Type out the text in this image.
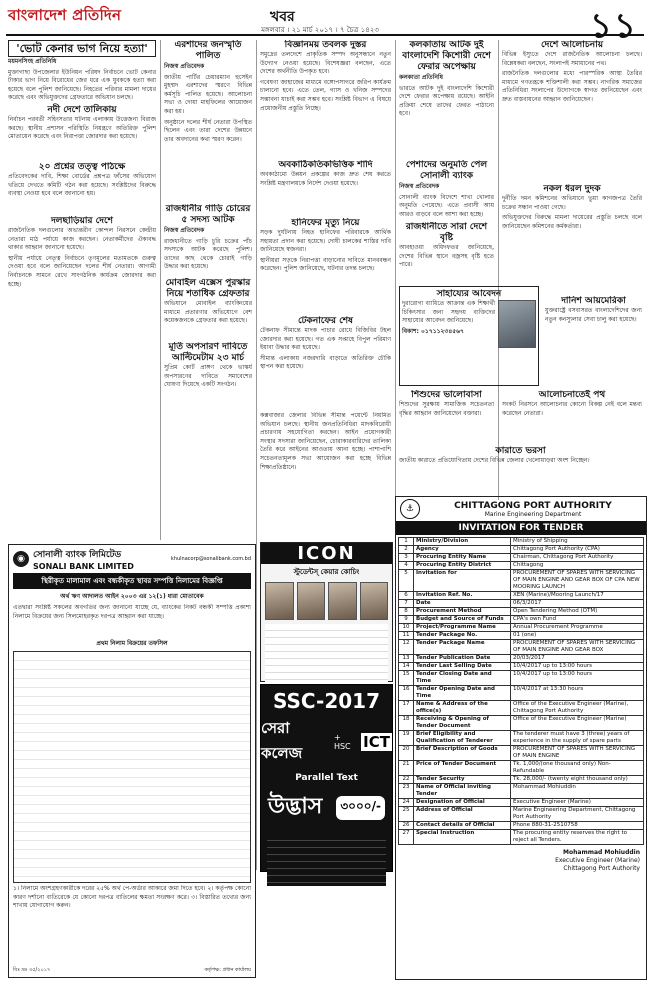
বাংলাদেশ প্রতিদিন	খবর	১১
মঙ্গলবার । ২১ মার্চ ২০১৭ । ৭ চৈত্র ১৪২৩
'ভোট কেনার ভাগ নিয়ে হত্যা'
ময়মনসিংহ প্রতিনিধি

মুক্তাগাছা উপজেলার ইউনিয়ন পরিষদ নির্বাচনে ভোট কেনার টাকার ভাগ নিয়ে বিরোধের জের ধরে এক যুবককে হত্যা করা হয়েছে বলে পুলিশ জানিয়েছে। নিহতের পরিবার মামলা দায়ের করেছে এবং অভিযুক্তদের গ্রেফতারে অভিযান চলছে।

নদী দেশে তালিকায়

নির্বাচন পরবর্তী সহিংসতার ঘটনায় এলাকায় উত্তেজনা বিরাজ করছে। স্থানীয় প্রশাসন পরিস্থিতি নিয়ন্ত্রণে অতিরিক্ত পুলিশ মোতায়েন করেছে এবং নিরাপত্তা জোরদার করা হয়েছে।

২০ প্রশ্নের তত্ত্ব পাঠক্ষে

প্রতিবেদকের দাবি, শিক্ষা বোর্ডের প্রশ্নপত্র ফাঁসের অভিযোগ খতিয়ে দেখতে কমিটি গঠন করা হয়েছে। সংশ্লিষ্টদের বিরুদ্ধে ব্যবস্থা নেওয়া হবে বলে জানানো হয়।

দলছাড়িয়ার দেশে

রাজনৈতিক দলগুলোর অভ্যন্তরীণ কোন্দল নিরসনে কেন্দ্রীয় নেতারা মাঠ পর্যায়ে কাজ করছেন। নেতাকর্মীদের ঐক্যবদ্ধ থাকার আহ্বান জানানো হয়েছে।

স্থানীয় পর্যায়ে নেতৃত্ব নির্বাচনে তৃণমূলের মতামতকে গুরুত্ব দেওয়া হবে বলে জানিয়েছেন দলের শীর্ষ নেতারা। আগামী নির্বাচনকে সামনে রেখে সাংগঠনিক কার্যক্রম জোরদার করা হচ্ছে।

এরশাদের জনস্মৃতি পালিত
নিজস্ব প্রতিবেদক

জাতীয় পার্টির চেয়ারম্যান হুসেইন মুহম্মদ এরশাদের স্মরণে বিভিন্ন কর্মসূচি পালিত হয়েছে। আলোচনা সভা ও দোয়া মাহফিলের আয়োজন করা হয়।

অনুষ্ঠানে দলের শীর্ষ নেতারা উপস্থিত ছিলেন এবং তারা দেশের উন্নয়নে তার অবদানের কথা স্মরণ করেন।

রাজধানীর গাড়ি চোরের ৫ সদস্য আটক
নিজস্ব প্রতিবেদক

রাজধানীতে গাড়ি চুরি চক্রের পাঁচ সদস্যকে আটক করেছে পুলিশ। তাদের কাছ থেকে চোরাই গাড়ি উদ্ধার করা হয়েছে।

মোবাইল এক্সেস পুরস্কার নিয়ে শতাধিক গ্রেফতার

অভিযানে মোবাইল ব্যাংকিংয়ের মাধ্যমে প্রতারণার অভিযোগে বেশ কয়েকজনকে গ্রেফতার করা হয়েছে।

মূর্তি অপসারণ দাবিতে আল্টিমেটাম ২৩ মার্চ

সুপ্রিম কোর্ট প্রাঙ্গণ থেকে ভাস্কর্য অপসারণের দাবিতে সমাবেশের ঘোষণা দিয়েছে একটি সংগঠন।

বিজ্ঞানময় তবলক দুস্তর

সমুদ্রের তলদেশে প্রাকৃতিক সম্পদ অনুসন্ধানে নতুন উদ্যোগ নেওয়া হয়েছে। বিশেষজ্ঞরা বলছেন, এতে দেশের অর্থনীতি উপকৃত হবে।

গবেষণা জাহাজের মাধ্যমে বঙ্গোপসাগরে জরিপ কার্যক্রম চালানো হবে। এতে তেল, গ্যাস ও খনিজ সম্পদের সম্ভাবনা যাচাই করা সম্ভব হবে। সংশ্লিষ্ট বিভাগ এ বিষয়ে প্রয়োজনীয় প্রস্তুতি নিচ্ছে।

অবকাঠিকতিকভিত্তিক শাদি

অবকাঠামো উন্নয়ন প্রকল্পের কাজ দ্রুত শেষ করতে সংশ্লিষ্ট মন্ত্রণালয়কে নির্দেশ দেওয়া হয়েছে।

হানিফের মৃত্যু নিয়ে

সড়ক দুর্ঘটনায় নিহত হানিফের পরিবারকে আর্থিক সহায়তা প্রদান করা হয়েছে। দোষী চালকের শাস্তির দাবি জানিয়েছে স্বজনরা।

স্থানীয়রা সড়কে নিরাপত্তা বাড়ানোর দাবিতে মানববন্ধন করেছেন। পুলিশ জানিয়েছে, ঘটনার তদন্ত চলছে।

টেকনাফের শেষ

টেকনাফ সীমান্তে মাদক পাচার রোধে বিজিবির টহল জোরদার করা হয়েছে। গত এক সপ্তাহে বিপুল পরিমাণ ইয়াবা উদ্ধার করা হয়েছে।

সীমান্ত এলাকায় নজরদারি বাড়াতে অতিরিক্ত চৌকি স্থাপন করা হয়েছে।

কলকাতায় আটক দুই বাংলাদেশি কিশোরী দেশে ফেরার অপেক্ষায়
কলকাতা প্রতিনিধি

ভারতে আটক দুই বাংলাদেশি কিশোরী দেশে ফেরার অপেক্ষায় রয়েছে। আইনি প্রক্রিয়া শেষে তাদের ফেরত পাঠানো হবে।

পেশাদের অনুমতি পেল সোনালী ব্যাংক
নিজস্ব প্রতিবেদক

সোনালী ব্যাংক বিদেশে শাখা খোলার অনুমতি পেয়েছে। এতে প্রবাসী আয় আরও বাড়বে বলে আশা করা হচ্ছে।

রাজধানীতে সারা দেশে বৃষ্টি

আবহাওয়া অধিদফতর জানিয়েছে, দেশের বিভিন্ন স্থানে বজ্রসহ বৃষ্টি হতে পারে।

সাহায্যের আবেদন

দুরারোগ্য ব্যাধিতে আক্রান্ত এক শিক্ষার্থী চিকিৎসার জন্য সহৃদয় ব্যক্তিদের সাহায্যের আবেদন জানিয়েছে।

বিকাশ: ০১৭১১২৩৪৫৬৭

শিশুদের ভালোবাসা

শিশুদের সুরক্ষায় সামাজিক সচেতনতা বৃদ্ধির আহ্বান জানিয়েছেন বক্তারা।

দেশে আলোচনায়

বিভিন্ন ইস্যুতে দেশে রাজনৈতিক আলোচনা চলছে। বিশ্লেষকরা বলছেন, সংলাপই সমাধানের পথ।

রাজনৈতিক দলগুলোর মধ্যে পারস্পরিক আস্থা তৈরির মাধ্যমে গণতন্ত্রকে শক্তিশালী করা সম্ভব। নাগরিক সমাজের প্রতিনিধিরা সংলাপের উদ্যোগকে স্বাগত জানিয়েছেন এবং দ্রুত বাস্তবায়নের আহ্বান জানিয়েছেন।

নকল ধরল দুদক

দুর্নীতি দমন কমিশনের অভিযানে ভুয়া কাগজপত্র তৈরি চক্রের সন্ধান পাওয়া গেছে।

অভিযুক্তদের বিরুদ্ধে মামলা দায়েরের প্রস্তুতি চলছে বলে জানিয়েছেন কমিশনের কর্মকর্তারা।

দানিশ আয়মেরিকা

যুক্তরাষ্ট্রে বসবাসরত বাংলাদেশিদের জন্য নতুন কনস্যুলার সেবা চালু করা হয়েছে।

আলোচনাতেই পথ

সংকট নিরসনে আলোচনার কোনো বিকল্প নেই বলে মন্তব্য করেছেন নেতারা।

কারাতে ভরসা

জাতীয় কারাতে প্রতিযোগিতায় দেশের বিভিন্ন জেলার খেলোয়াড়রা অংশ নিচ্ছেন।

কক্সবাজার জেলার বিভিন্ন সীমান্ত পয়েন্টে নিয়মিত অভিযান চলছে। স্থানীয় জনপ্রতিনিধিরা মাদকবিরোধী প্রচারণায় সহযোগিতা করছেন। আইন প্রয়োগকারী সংস্থার সদস্যরা জানিয়েছেন, চোরাকারবারিদের তালিকা তৈরি করে আইনের আওতায় আনা হচ্ছে। পাশাপাশি সচেতনতামূলক সভা আয়োজন করা হচ্ছে বিভিন্ন শিক্ষাপ্রতিষ্ঠানে।

ICON
স্টুডেন্টস্ কেয়ার কোচিং
SSC-2017
সেরা কলেজ
+ HSC ICT
Parallel Text
উদ্ভাস	৩০০০/-
◉ সোনালী ব্যাংক লিমিটেড
SONALI BANK LIMITED
khulnacorp@sonalibank.com.bd
স্থিরীকৃত মালামাল এবং বন্ধকীকৃত স্থাবর সম্পত্তি নিলামের বিজ্ঞপ্তি
অর্থ ঋণ আদালত আইন ২০০৩ এর ১২(১) ধারা মোতাবেক

এতদ্বারা সংশ্লিষ্ট সকলের অবগতির জন্য জানানো যাচ্ছে যে, ব্যাংকের নিকট বন্ধকী সম্পত্তি প্রকাশ্য নিলামে বিক্রয়ের জন্য সিলমোহরকৃত দরপত্র আহ্বান করা যাচ্ছে।

প্রথম নিলাম বিক্রয়ের তফসিল

১। নিলামে অংশগ্রহণকারীকে দরের ২৫% অর্থ পে-অর্ডার আকারে জমা দিতে হবে। ২। কর্তৃপক্ষ কোনো কারণ দর্শানো ব্যতিরেকে যে কোনো দরপত্র বাতিলের ক্ষমতা সংরক্ষণ করে। ৩। বিস্তারিত তথ্যের জন্য শাখায় যোগাযোগ করুন।

বিঃ দ্রঃ ৩৫/২০১৭	কর্তৃপক্ষ: প্রধান কার্যালয়
⚓	CHITTAGONG PORT AUTHORITY
Marine Engineering Department
INVITATION FOR TENDER
1	Ministry/Division	Ministry of Shipping
2	Agency	Chittagong Port Authority (CPA)
3	Procuring Entity Name	Chairman, Chittagong Port Authority
4	Procuring Entity District	Chittagong
5	Invitation for	PROCUREMENT OF SPARES WITH SERVICING OF MAIN ENGINE AND GEAR BOX OF CPA NEW MOORING LAUNCH
6	Invitation Ref. No.	XEN (Marine)/Mooring Launch/17
7	Date	06/3/2017
8	Procurement Method	Open Tendering Method (OTM)
9	Budget and Source of Funds	CPA's own Fund
10	Project/Programme Name	Annual Procurement Programme
11	Tender Package No.	01 (one)
12	Tender Package Name	PROCUREMENT OF SPARES WITH SERVICING OF MAIN ENGINE AND GEAR BOX
13	Tender Publication Date	20/03/2017
14	Tender Last Selling Date	10/4/2017 up to 13:00 hours
15	Tender Closing Date and Time	10/4/2017 up to 13:00 hours
16	Tender Opening Date and Time	10/4/2017 at 13:30 hours
17	Name & Address of the office(s)	Office of the Executive Engineer (Marine), Chittagong Port Authority
18	Receiving & Opening of Tender Document	Office of the Executive Engineer (Marine)
19	Brief Eligibility and Qualification of Tenderer	The tenderer must have 3 (three) years of experience in the supply of spare parts
20	Brief Description of Goods	PROCUREMENT OF SPARES WITH SERVICING OF MAIN ENGINE
21	Price of Tender Document	Tk. 1,000/(one thousand only) Non-Refundable
22	Tender Security	Tk. 28,000/- (twenty eight thousand only)
23	Name of Official inviting Tender	Mohammad Mohiuddin
24	Designation of Official	Executive Engineer (Marine)
25	Address of Official	Marine Engineering Department, Chittagong Port Authority
26	Contact details of Official	Phone 880-31-2510758
27	Special Instruction	The procuring entity reserves the right to reject all Tenders.
Mohammad Mohiuddin
Executive Engineer (Marine)
Chittagong Port Authority
